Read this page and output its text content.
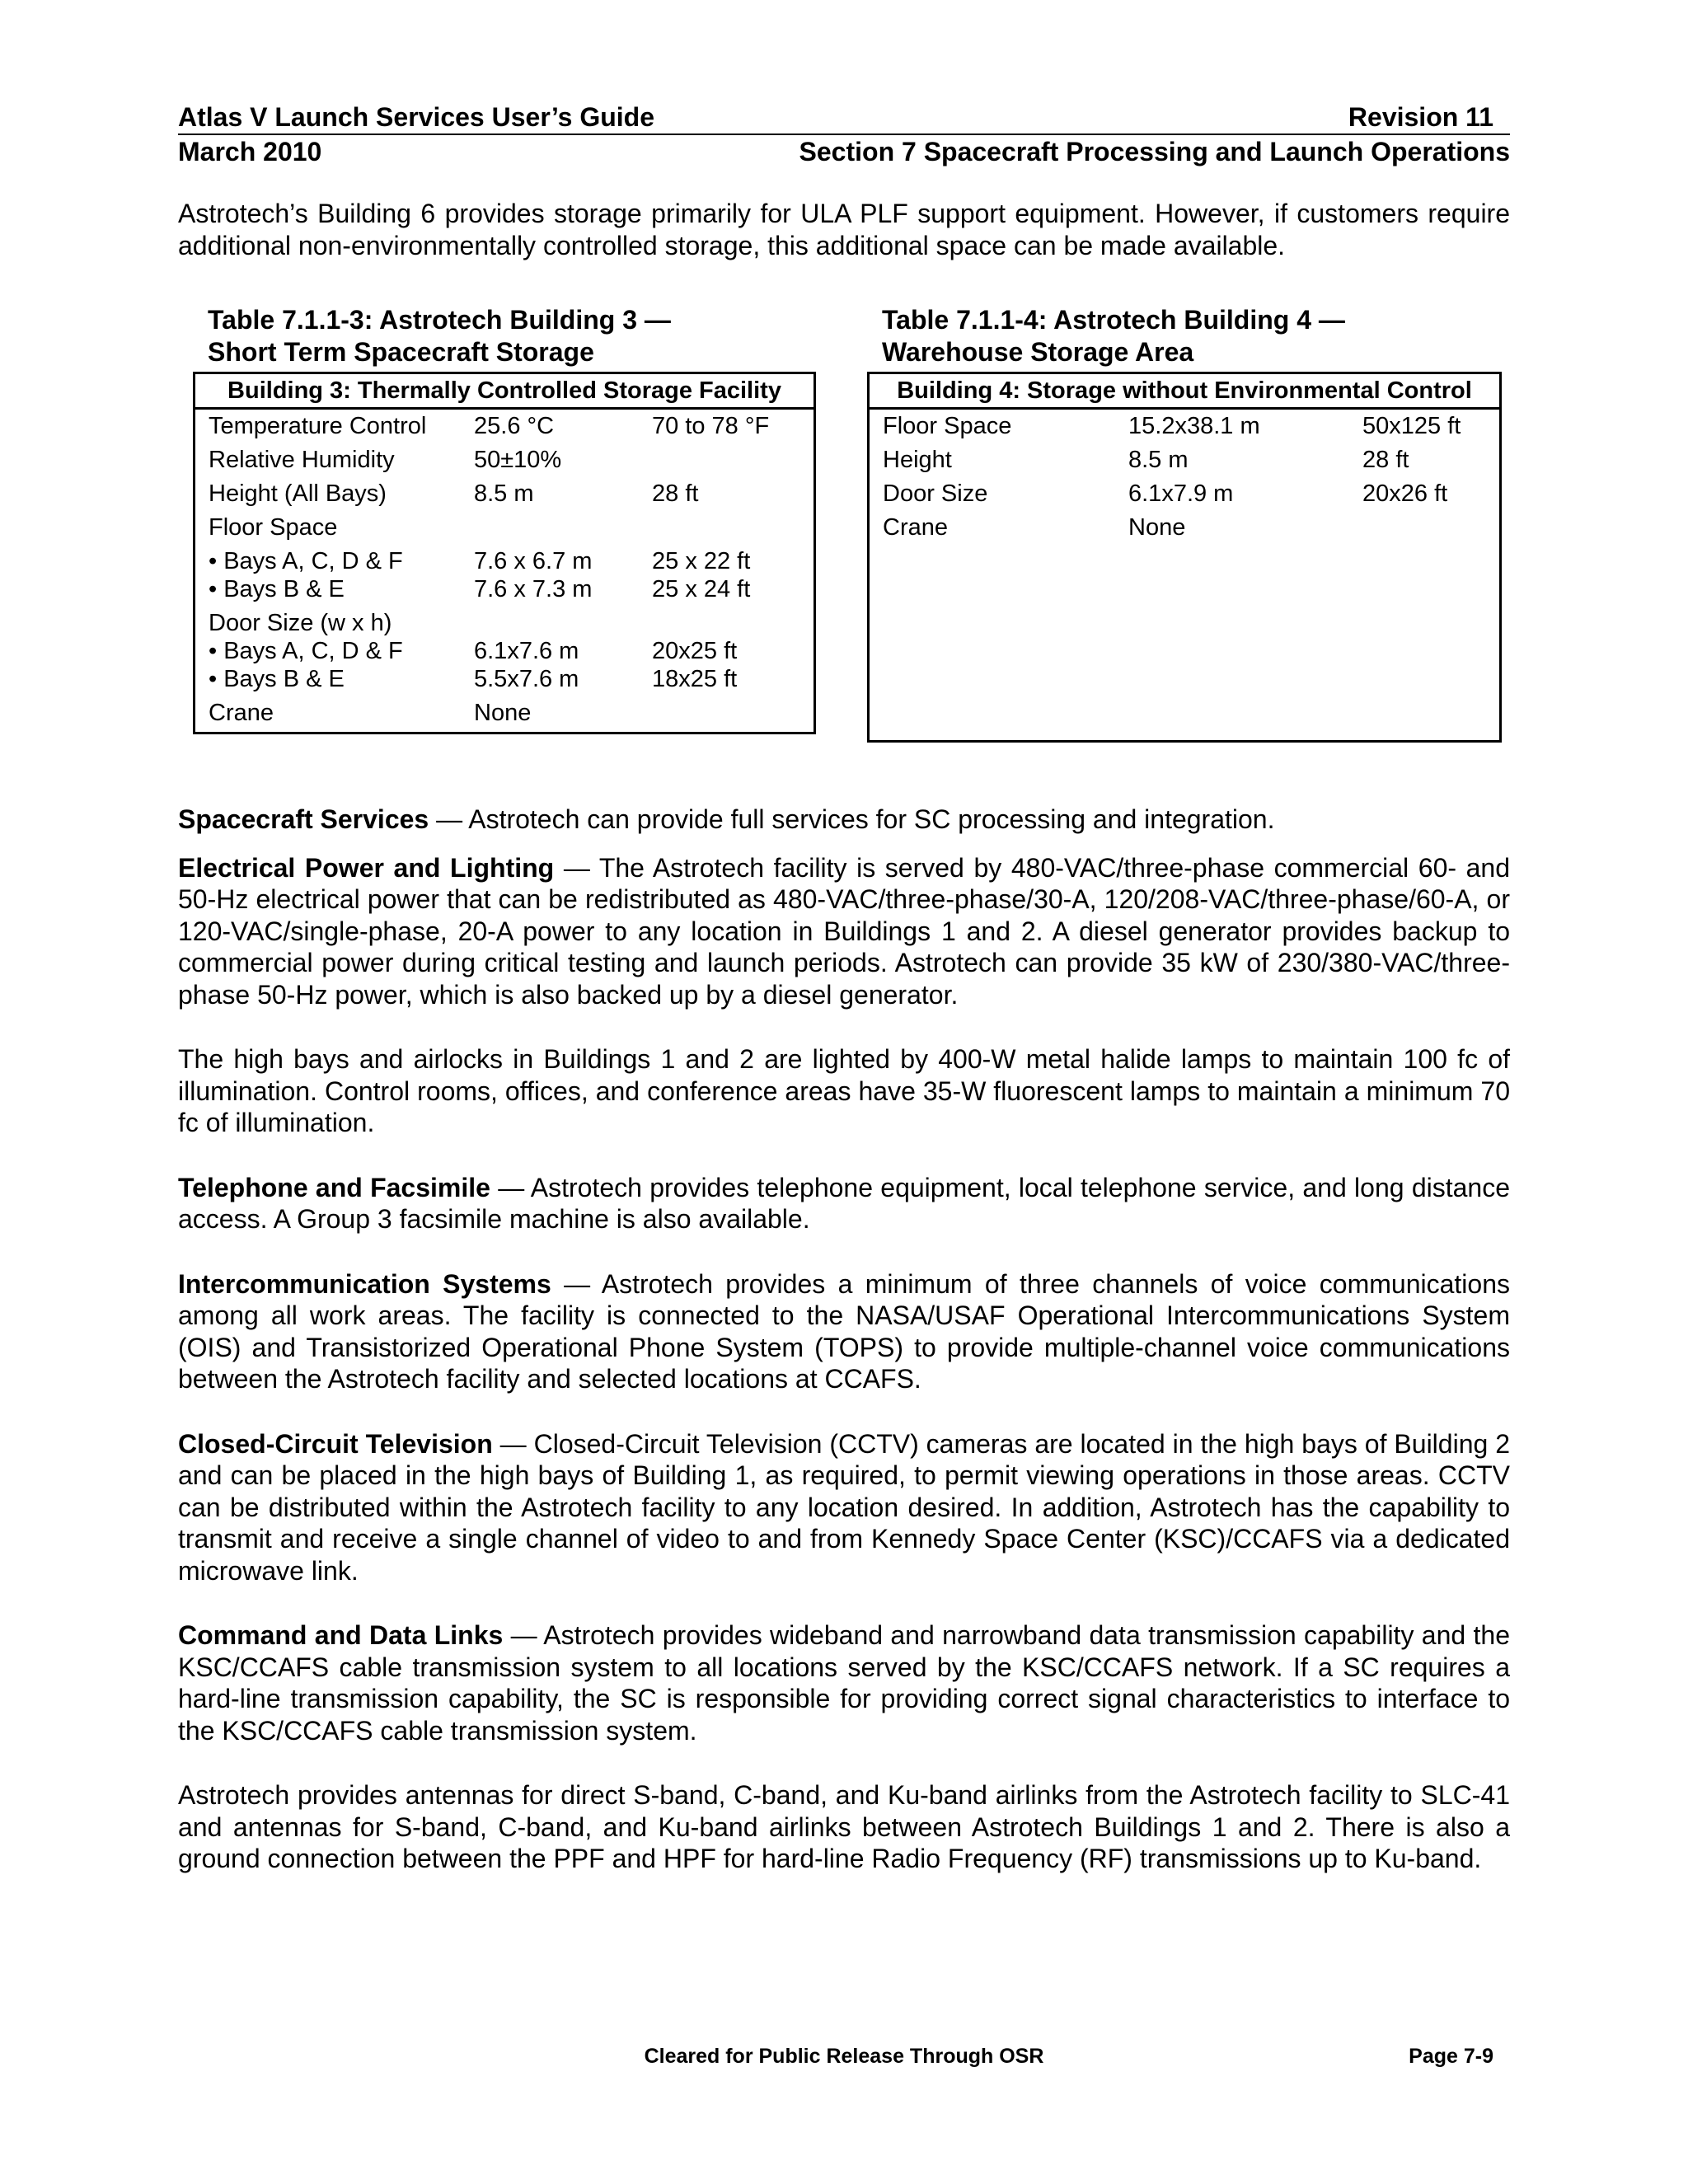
Atlas V Launch Services User’s Guide	Revision 11
March 2010	Section 7 Spacecraft Processing and Launch Operations

Astrotech’s Building 6 provides storage primarily for ULA PLF support equipment. However, if customers require additional non-environmentally controlled storage, this additional space can be made available.

Table 7.1.1-3: Astrotech Building 3 —
Short Term Spacecraft Storage
Building 3: Thermally Controlled Storage Facility
Temperature Control	25.6 °C	70 to 78 °F
Relative Humidity	50±10%
Height (All Bays)	8.5 m	28 ft
Floor Space
• Bays A, C, D & F	7.6 x 6.7 m	25 x 22 ft
• Bays B & E	7.6 x 7.3 m	25 x 24 ft
Door Size (w x h)
• Bays A, C, D & F	6.1x7.6 m	20x25 ft
• Bays B & E	5.5x7.6 m	18x25 ft
Crane	None
Table 7.1.1-4: Astrotech Building 4 —
Warehouse Storage Area
Building 4: Storage without Environmental Control
Floor Space	15.2x38.1 m	50x125 ft
Height	8.5 m	28 ft
Door Size	6.1x7.9 m	20x26 ft
Crane	None

Spacecraft Services — Astrotech can provide full services for SC processing and integration.

Electrical Power and Lighting — The Astrotech facility is served by 480-VAC/three-phase commercial 60- and 50-Hz electrical power that can be redistributed as 480-VAC/three-phase/30-A, 120/208-VAC/three-phase/60-A, or 120-VAC/single-phase, 20-A power to any location in Buildings 1 and 2. A diesel generator provides backup to commercial power during critical testing and launch periods. Astrotech can provide 35 kW of 230/380-VAC/three-phase 50-Hz power, which is also backed up by a diesel generator.

The high bays and airlocks in Buildings 1 and 2 are lighted by 400-W metal halide lamps to maintain 100 fc of illumination. Control rooms, offices, and conference areas have 35-W fluorescent lamps to maintain a minimum 70 fc of illumination.

Telephone and Facsimile — Astrotech provides telephone equipment, local telephone service, and long distance access. A Group 3 facsimile machine is also available.

Intercommunication Systems — Astrotech provides a minimum of three channels of voice communications among all work areas. The facility is connected to the NASA/USAF Operational Intercommunications System (OIS) and Transistorized Operational Phone System (TOPS) to provide multiple-channel voice communications between the Astrotech facility and selected locations at CCAFS.

Closed-Circuit Television — Closed-Circuit Television (CCTV) cameras are located in the high bays of Building 2 and can be placed in the high bays of Building 1, as required, to permit viewing operations in those areas. CCTV can be distributed within the Astrotech facility to any location desired. In addition, Astrotech has the capability to transmit and receive a single channel of video to and from Kennedy Space Center (KSC)/CCAFS via a dedicated microwave link.

Command and Data Links — Astrotech provides wideband and narrowband data transmission capability and the KSC/CCAFS cable transmission system to all locations served by the KSC/CCAFS network. If a SC requires a hard-line transmission capability, the SC is responsible for providing correct signal characteristics to interface to the KSC/CCAFS cable transmission system.

Astrotech provides antennas for direct S-band, C-band, and Ku-band airlinks from the Astrotech facility to SLC-41 and antennas for S-band, C-band, and Ku-band airlinks between Astrotech Buildings 1 and 2. There is also a ground connection between the PPF and HPF for hard-line Radio Frequency (RF) transmissions up to Ku-band.

Cleared for Public Release Through OSR	Page 7-9
